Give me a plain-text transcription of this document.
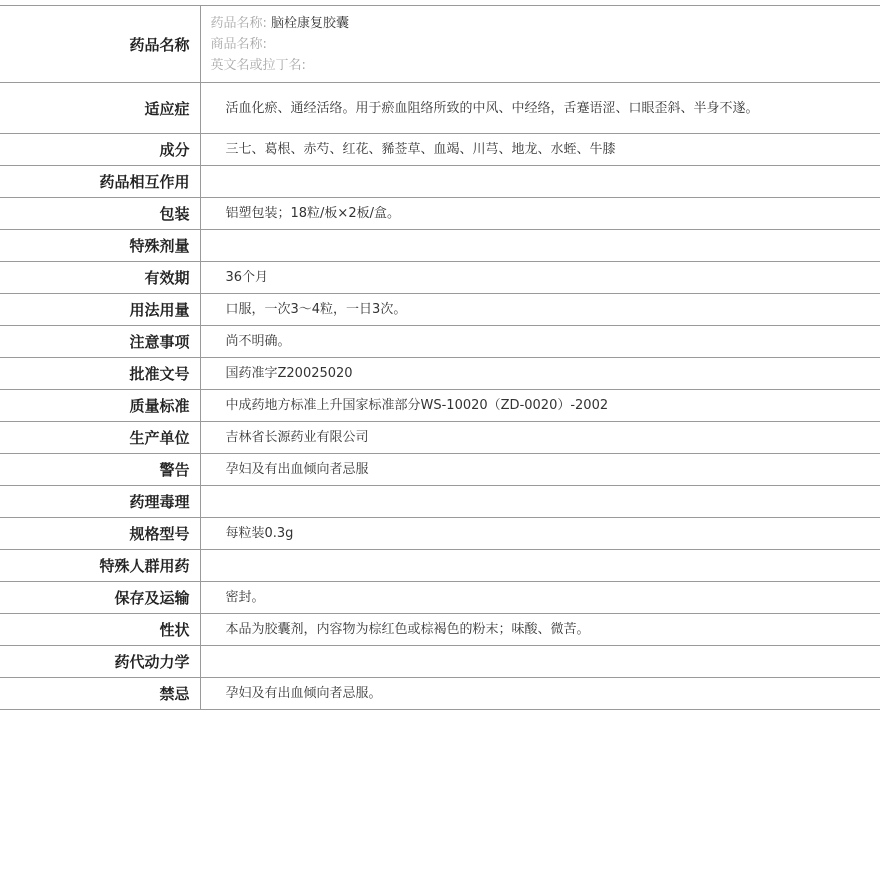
药品名称	药品名称: 脑栓康复胶囊
商品名称:
英文名或拉丁名:

适应症	活血化瘀、通经活络。用于瘀血阻络所致的中风、中经络，舌蹇语涩、口眼歪斜、半身不遂。
成分	三七、葛根、赤芍、红花、豨莶草、血竭、川芎、地龙、水蛭、牛膝
药品相互作用	
包装	铝塑包装；18粒/板×2板/盒。
特殊剂量	
有效期	36个月
用法用量	口服，一次3～4粒，一日3次。
注意事项	尚不明确。
批准文号	国药准字Z20025020
质量标准	中成药地方标准上升国家标准部分WS-10020（ZD-0020）-2002
生产单位	吉林省长源药业有限公司
警告	孕妇及有出血倾向者忌服
药理毒理	
规格型号	每粒装0.3g
特殊人群用药	
保存及运输	密封。
性状	本品为胶囊剂，内容物为棕红色或棕褐色的粉末；味酸、微苦。
药代动力学	
禁忌	孕妇及有出血倾向者忌服。
